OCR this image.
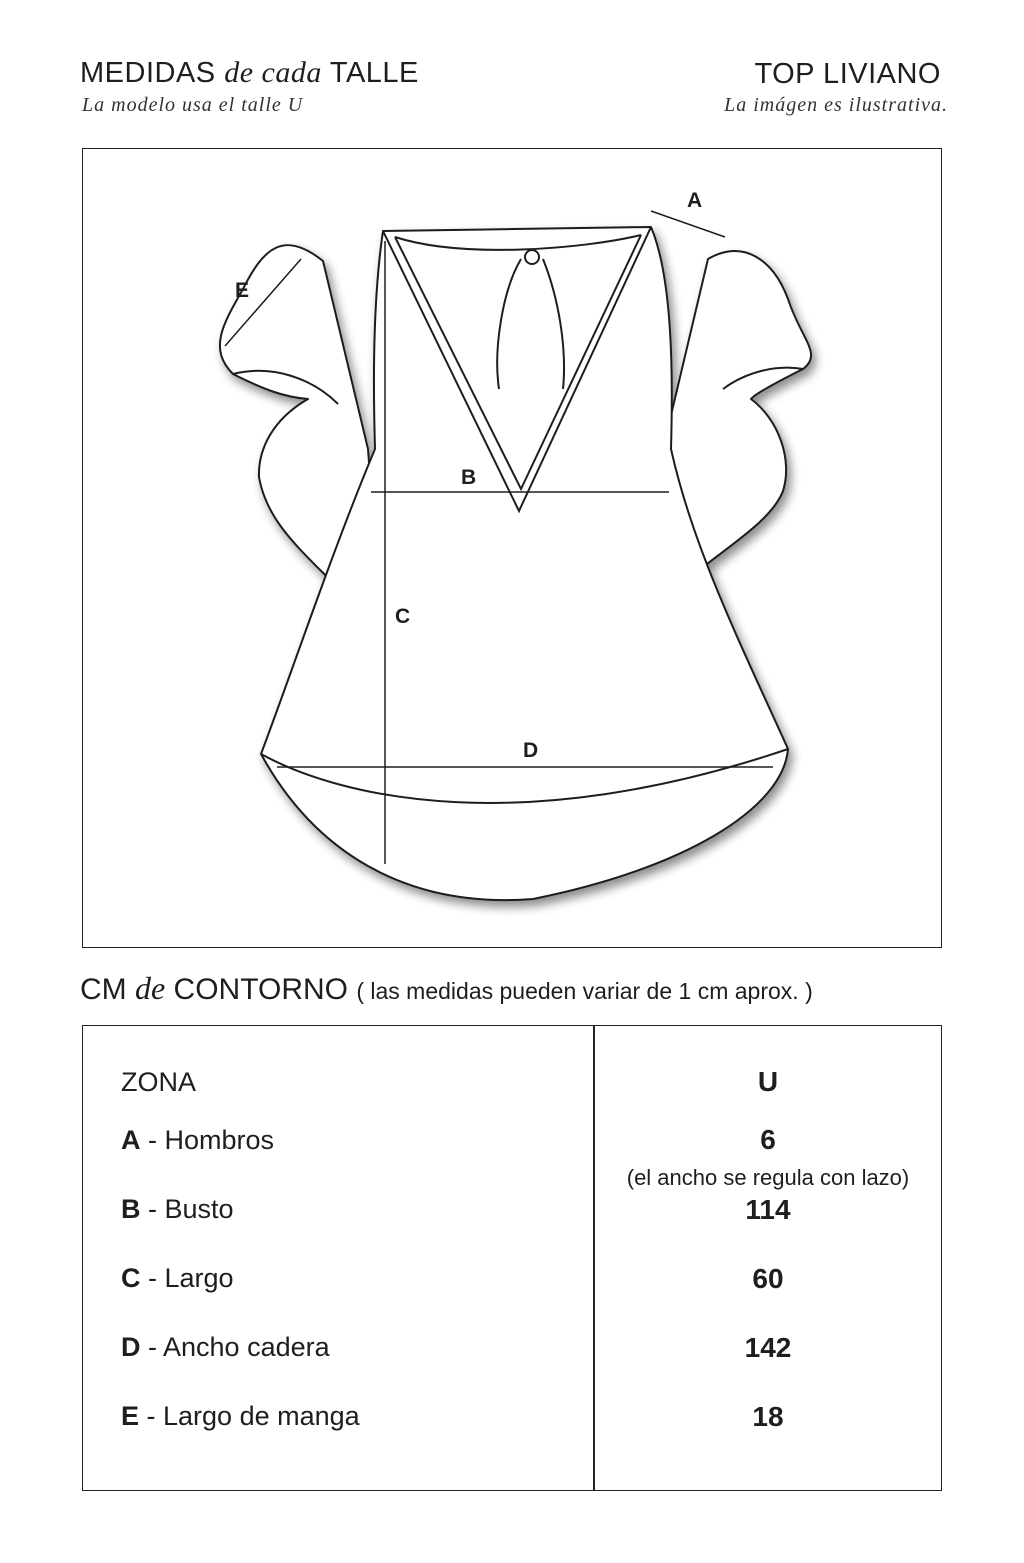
MEDIDAS de cada TALLE
La modelo usa el talle U
TOP LIVIANO
La imágen es ilustrativa.
A
B
C
D
E
CM de CONTORNO ( las medidas pueden variar de 1 cm aprox. )
ZONA	U
A - Hombros	6
(el ancho se regula con lazo)
B - Busto	114
C - Largo	60
D - Ancho cadera	142
E - Largo de manga	18
